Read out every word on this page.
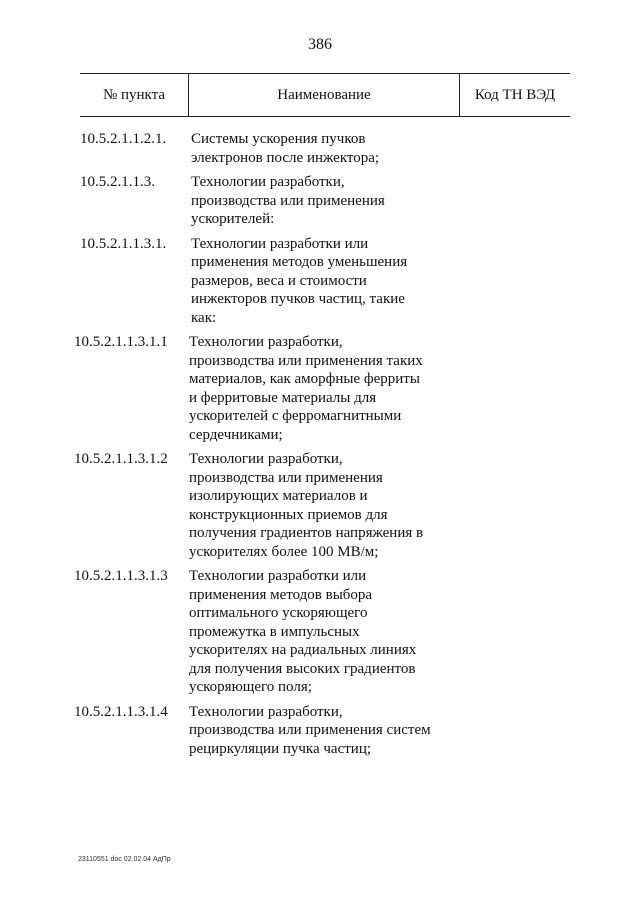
386
№ пункта	Наименование	Код ТН ВЭД
10.5.2.1.1.2.1.	Системы ускорения пучков
электронов после инжектора;
10.5.2.1.1.3.	Технологии разработки,
производства или применения
ускорителей:
10.5.2.1.1.3.1.	Технологии разработки или
применения методов уменьшения
размеров, веса и стоимости
инжекторов пучков частиц, такие
как:
10.5.2.1.1.3.1.1	Технологии разработки,
производства или применения таких
материалов, как аморфные ферриты
и ферритовые материалы для
ускорителей с ферромагнитными
сердечниками;
10.5.2.1.1.3.1.2	Технологии разработки,
производства или применения
изолирующих материалов и
конструкционных приемов для
получения градиентов напряжения в
ускорителях более 100 МВ/м;
10.5.2.1.1.3.1.3	Технологии разработки или
применения методов выбора
оптимального ускоряющего
промежутка в импульсных
ускорителях на радиальных линиях
для получения высоких градиентов
ускоряющего поля;
10.5.2.1.1.3.1.4	Технологии разработки,
производства или применения систем
рециркуляции пучка частиц;
23110551 doc 02.02.04 АдПр
